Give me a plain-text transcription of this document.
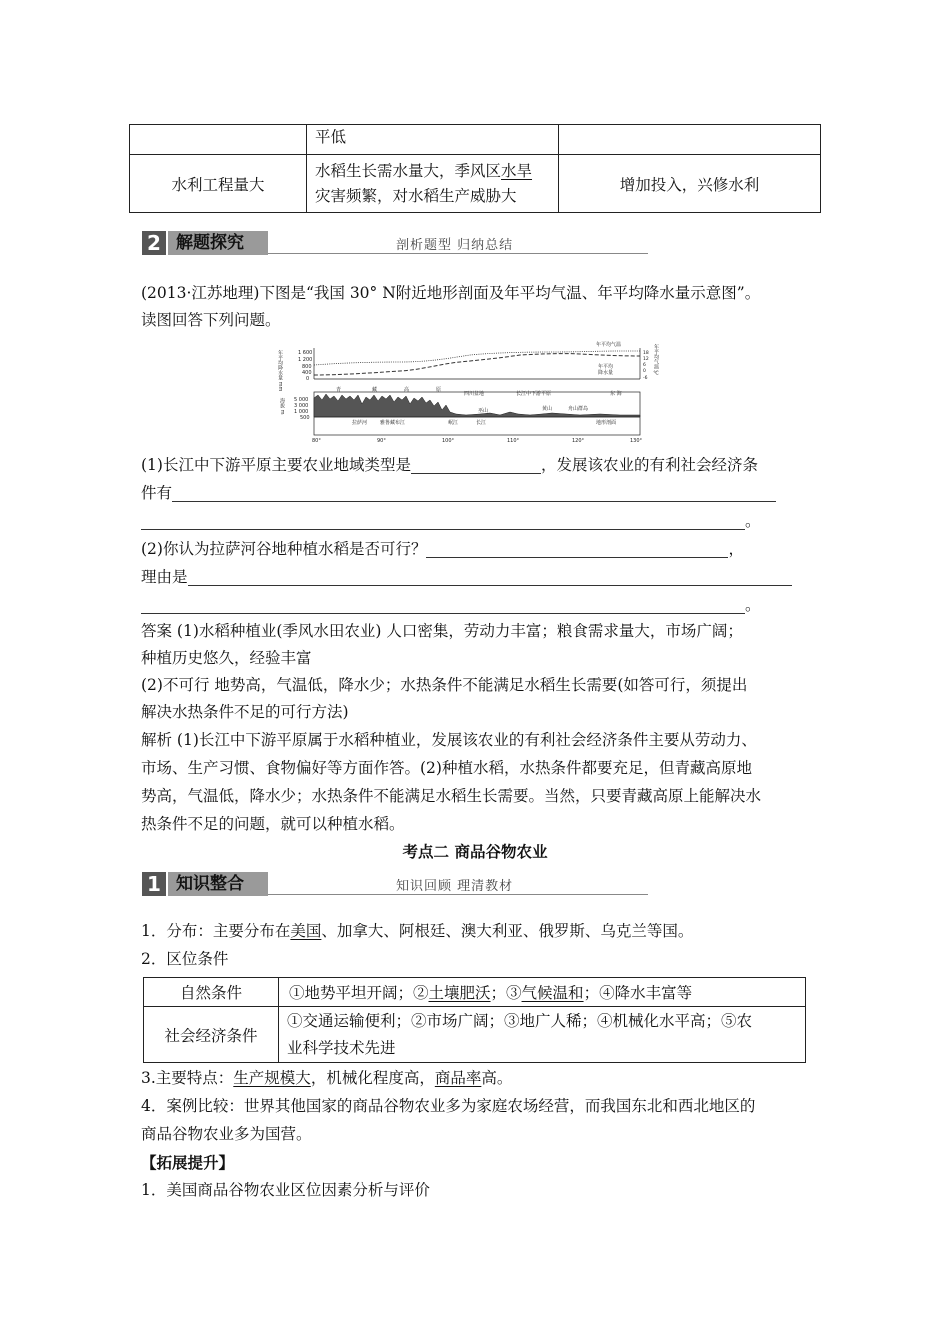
	平低	
水利工程量大	水稻生长需水量大，季风区水旱
灾害频繁，对水稻生产威胁大	增加投入，兴修水利
2 解题探究	剖析题型 归纳总结
(2013·江苏地理)下图是“我国 30° N附近地形剖面及年平均气温、年平均降水量示意图”。
读图回答下列问题。
年平均降水量 mm	1 600
1 200
800
400
0
年平均气温
年平均
降水量	年平均气温 ℃
18
12
6
0
-6
海拔 m 5 000
3 000
1 000
500
青	藏	高	原
四川盆地	长江中下游平原	东 海
拉萨河	雅鲁藏布江	岷江	长江
巫山	黄山	舟山群岛
地形剖面
80°	90°	100°	110°	120°	130°
(1)长江中下游平原主要农业地域类型是	，发展该农业的有利社会经济条
件有
。
(2)你认为拉萨河谷地种植水稻是否可行？	，
理由是
。
答案 (1)水稻种植业(季风水田农业) 人口密集，劳动力丰富；粮食需求量大，市场广阔；
种植历史悠久，经验丰富
(2)不可行 地势高，气温低，降水少；水热条件不能满足水稻生长需要(如答可行，须提出
解决水热条件不足的可行方法)
解析 (1)长江中下游平原属于水稻种植业，发展该农业的有利社会经济条件主要从劳动力、
市场、生产习惯、食物偏好等方面作答。(2)种植水稻，水热条件都要充足，但青藏高原地
势高，气温低，降水少；水热条件不能满足水稻生长需要。当然，只要青藏高原上能解决水
热条件不足的问题，就可以种植水稻。
考点二 商品谷物农业
1 知识整合	知识回顾 理清教材
1．分布：主要分布在美国、加拿大、阿根廷、澳大利亚、俄罗斯、乌克兰等国。
2．区位条件
自然条件	①地势平坦开阔；②土壤肥沃；③气候温和；④降水丰富等
社会经济条件	①交通运输便利；②市场广阔；③地广人稀；④机械化水平高；⑤农
业科学技术先进
3.主要特点：生产规模大，机械化程度高，商品率高。
4．案例比较：世界其他国家的商品谷物农业多为家庭农场经营，而我国东北和西北地区的
商品谷物农业多为国营。
【拓展提升】
1．美国商品谷物农业区位因素分析与评价
